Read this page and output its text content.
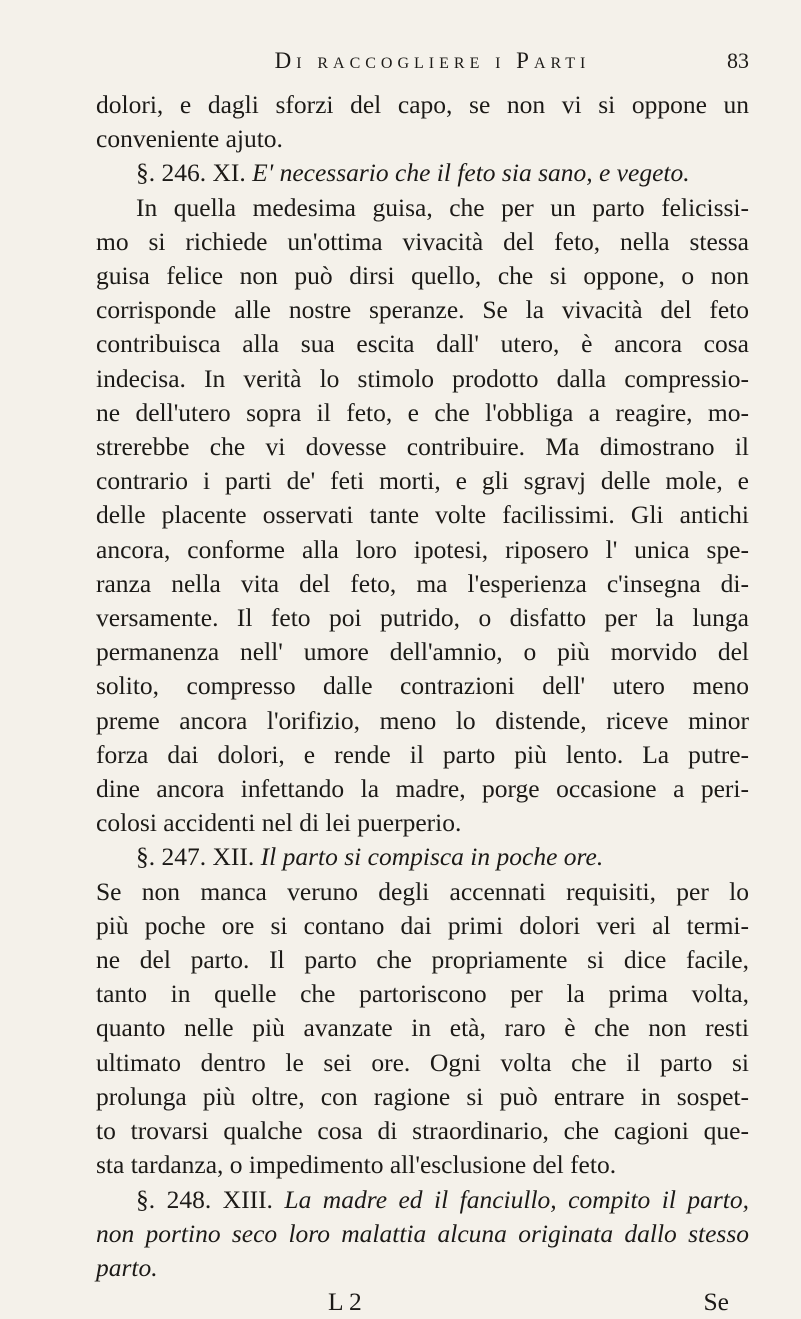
Di raccogliere i Parti	83
dolori, e dagli sforzi del capo, se non vi si oppone un
conveniente ajuto.
§. 246. XI. E' necessario che il feto sia sano, e vegeto.
In quella medesima guisa, che per un parto felicissi-
mo si richiede un'ottima vivacità del feto, nella stessa
guisa felice non può dirsi quello, che si oppone, o non
corrisponde alle nostre speranze. Se la vivacità del feto
contribuisca alla sua escita dall' utero, è ancora cosa
indecisa. In verità lo stimolo prodotto dalla compressio-
ne dell'utero sopra il feto, e che l'obbliga a reagire, mo-
strerebbe che vi dovesse contribuire. Ma dimostrano il
contrario i parti de' feti morti, e gli sgravj delle mole, e
delle placente osservati tante volte facilissimi. Gli antichi
ancora, conforme alla loro ipotesi, riposero l' unica spe-
ranza nella vita del feto, ma l'esperienza c'insegna di-
versamente. Il feto poi putrido, o disfatto per la lunga
permanenza nell' umore dell'amnio, o più morvido del
solito, compresso dalle contrazioni dell' utero meno
preme ancora l'orifizio, meno lo distende, riceve minor
forza dai dolori, e rende il parto più lento. La putre-
dine ancora infettando la madre, porge occasione a peri-
colosi accidenti nel di lei puerperio.
§. 247. XII. Il parto si compisca in poche ore.
Se non manca veruno degli accennati requisiti, per lo
più poche ore si contano dai primi dolori veri al termi-
ne del parto. Il parto che propriamente si dice facile,
tanto in quelle che partoriscono per la prima volta,
quanto nelle più avanzate in età, raro è che non resti
ultimato dentro le sei ore. Ogni volta che il parto si
prolunga più oltre, con ragione si può entrare in sospet-
to trovarsi qualche cosa di straordinario, che cagioni que-
sta tardanza, o impedimento all'esclusione del feto.
§. 248. XIII. La madre ed il fanciullo, compito il parto,
non portino seco loro malattia alcuna originata dallo stesso
parto.
L 2	Se
